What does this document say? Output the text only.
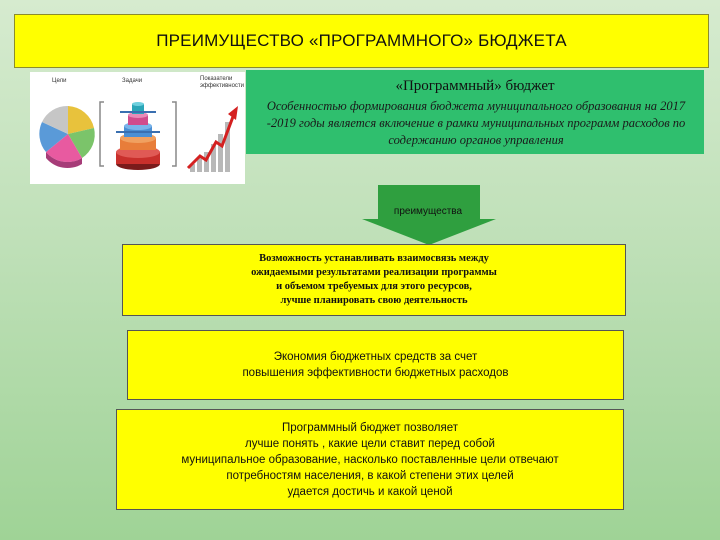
ПРЕИМУЩЕСТВО «ПРОГРАММНОГО» БЮДЖЕТА
Цели	Задачи	Показатели эффективности	«Программный» бюджет
Особенностью формирования бюджета муниципального образования на 2017 -2019 годы является включение в рамки муниципальных программ расходов по содержанию органов управления
преимущества
Возможность устанавливать взаимосвязь между
ожидаемыми результатами реализации программы
и объемом требуемых для этого ресурсов,
лучше планировать свою деятельность
Экономия бюджетных средств за счет
повышения эффективности бюджетных расходов
Программный бюджет позволяет
лучше понять , какие цели ставит перед собой
муниципальное образование, насколько поставленные цели отвечают
потребностям населения, в какой степени этих целей
удается достичь и какой ценой
